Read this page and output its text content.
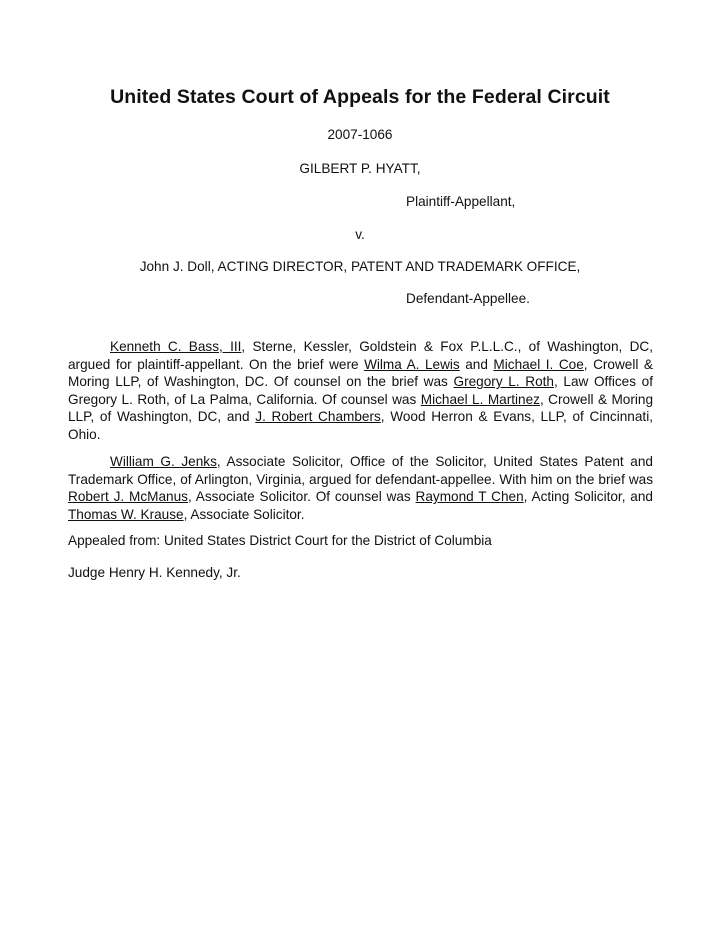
United States Court of Appeals for the Federal Circuit
2007-1066
GILBERT P. HYATT,
Plaintiff-Appellant,
v.
John J. Doll, ACTING DIRECTOR, PATENT AND TRADEMARK OFFICE,
Defendant-Appellee.
Kenneth C. Bass, III, Sterne, Kessler, Goldstein & Fox P.L.L.C., of Washington, DC, argued for plaintiff-appellant. On the brief were Wilma A. Lewis and Michael I. Coe, Crowell & Moring LLP, of Washington, DC. Of counsel on the brief was Gregory L. Roth, Law Offices of Gregory L. Roth, of La Palma, California. Of counsel was Michael L. Martinez, Crowell & Moring LLP, of Washington, DC, and J. Robert Chambers, Wood Herron & Evans, LLP, of Cincinnati, Ohio.
William G. Jenks, Associate Solicitor, Office of the Solicitor, United States Patent and Trademark Office, of Arlington, Virginia, argued for defendant-appellee. With him on the brief was Robert J. McManus, Associate Solicitor. Of counsel was Raymond T Chen, Acting Solicitor, and Thomas W. Krause, Associate Solicitor.
Appealed from: United States District Court for the District of Columbia
Judge Henry H. Kennedy, Jr.
